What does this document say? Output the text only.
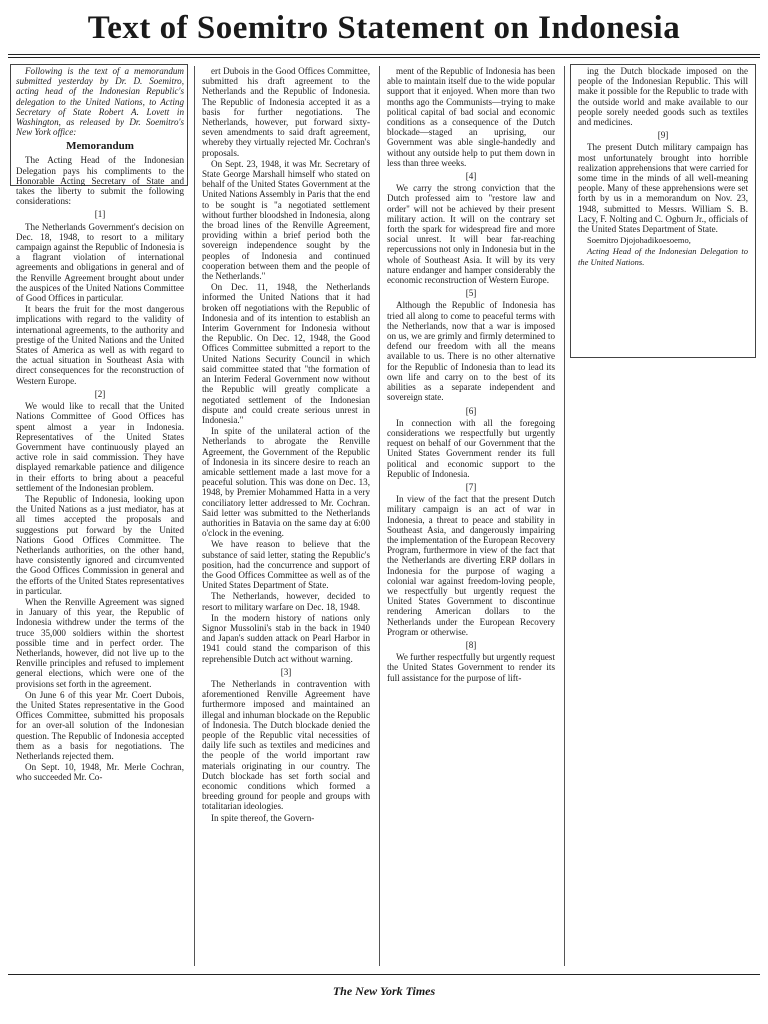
Text of Soemitro Statement on Indonesia

Following is the text of a memorandum submitted yesterday by Dr. D. Soemitro, acting head of the Indonesian Republic's delegation to the United Nations, to Acting Secretary of State Robert A. Lovett in Washington, as released by Dr. Soemitro's New York office:

Memorandum

The Acting Head of the Indonesian Delegation pays his compliments to the Honorable Acting Secretary of State and takes the liberty to submit the following considerations:

[1]

The Netherlands Government's decision on Dec. 18, 1948, to resort to a military campaign against the Republic of Indonesia is a flagrant violation of international agreements and obligations in general and of the Renville Agreement brought about under the auspices of the United Nations Committee of Good Offices in particular.

It bears the fruit for the most dangerous implications with regard to the validity of international agreements, to the authority and prestige of the United Nations and the United States of America as well as with regard to the actual situation in Southeast Asia with direct consequences for the reconstruction of Western Europe.

[2]

We would like to recall that the United Nations Committee of Good Offices has spent almost a year in Indonesia. Representatives of the United States Government have continuously played an active role in said commission. They have displayed remarkable patience and diligence in their efforts to bring about a peaceful settlement of the Indonesian problem.

The Republic of Indonesia, looking upon the United Nations as a just mediator, has at all times accepted the proposals and suggestions put forward by the United Nations Good Offices Committee. The Netherlands authorities, on the other hand, have consistently ignored and circumvented the Good Offices Commission in general and the efforts of the United States representatives in particular.

When the Renville Agreement was signed in January of this year, the Republic of Indonesia withdrew under the terms of the truce 35,000 soldiers within the shortest possible time and in perfect order. The Netherlands, however, did not live up to the Renville principles and refused to implement general elections, which were one of the provisions set forth in the agreement.

On June 6 of this year Mr. Coert Dubois, the United States representative in the Good Offices Committee, submitted his proposals for an over-all solution of the Indonesian question. The Republic of Indonesia accepted them as a basis for negotiations. The Netherlands rejected them.

On Sept. 10, 1948, Mr. Merle Cochran, who succeeded Mr. Co-

ert Dubois in the Good Offices Committee, submitted his draft agreement to the Netherlands and the Republic of Indonesia. The Republic of Indonesia accepted it as a basis for further negotiations. The Netherlands, however, put forward sixty-seven amendments to said draft agreement, whereby they virtually rejected Mr. Cochran's proposals.

On Sept. 23, 1948, it was Mr. Secretary of State George Marshall himself who stated on behalf of the United States Government at the United Nations Assembly in Paris that the end to be sought is "a negotiated settlement without further bloodshed in Indonesia, along the broad lines of the Renville Agreement, providing within a brief period both the sovereign independence sought by the peoples of Indonesia and continued cooperation between them and the people of the Netherlands."

On Dec. 11, 1948, the Netherlands informed the United Nations that it had broken off negotiations with the Republic of Indonesia and of its intention to establish an Interim Government for Indonesia without the Republic. On Dec. 12, 1948, the Good Offices Committee submitted a report to the United Nations Security Council in which said committee stated that "the formation of an Interim Federal Government now without the Republic will greatly complicate a negotiated settlement of the Indonesian dispute and could create serious unrest in Indonesia."

In spite of the unilateral action of the Netherlands to abrogate the Renville Agreement, the Government of the Republic of Indonesia in its sincere desire to reach an amicable settlement made a last move for a peaceful solution. This was done on Dec. 13, 1948, by Premier Mohammed Hatta in a very conciliatory letter addressed to Mr. Cochran. Said letter was submitted to the Netherlands authorities in Batavia on the same day at 6:00 o'clock in the evening.

We have reason to believe that the substance of said letter, stating the Republic's position, had the concurrence and support of the Good Offices Committee as well as of the United States Department of State.

The Netherlands, however, decided to resort to military warfare on Dec. 18, 1948.

In the modern history of nations only Signor Mussolini's stab in the back in 1940 and Japan's sudden attack on Pearl Harbor in 1941 could stand the comparison of this reprehensible Dutch act without warning.

[3]

The Netherlands in contravention with aforementioned Renville Agreement have furthermore imposed and maintained an illegal and inhuman blockade on the Republic of Indonesia. The Dutch blockade denied the people of the Republic vital necessities of daily life such as textiles and medicines and the people of the world important raw materials originating in our country. The Dutch blockade has set forth social and economic conditions which formed a breeding ground for people and groups with totalitarian ideologies.

In spite thereof, the Govern-

ment of the Republic of Indonesia has been able to maintain itself due to the wide popular support that it enjoyed. When more than two months ago the Communists—trying to make political capital of bad social and economic conditions as a consequence of the Dutch blockade—staged an uprising, our Government was able single-handedly and without any outside help to put them down in less than three weeks.

[4]

We carry the strong conviction that the Dutch professed aim to "restore law and order" will not be achieved by their present military action. It will on the contrary set forth the spark for widespread fire and more social unrest. It will bear far-reaching repercussions not only in Indonesia but in the whole of Southeast Asia. It will by its very nature endanger and hamper considerably the economic reconstruction of Western Europe.

[5]

Although the Republic of Indonesia has tried all along to come to peaceful terms with the Netherlands, now that a war is imposed on us, we are grimly and firmly determined to defend our freedom with all the means available to us. There is no other alternative for the Republic of Indonesia than to lead its own life and carry on to the best of its abilities as a separate independent and sovereign state.

[6]

In connection with all the foregoing considerations we respectfully but urgently request on behalf of our Government that the United States Government render its full political and economic support to the Republic of Indonesia.

[7]

In view of the fact that the present Dutch military campaign is an act of war in Indonesia, a threat to peace and stability in Southeast Asia, and dangerously impairing the implementation of the European Recovery Program, furthermore in view of the fact that the Netherlands are diverting ERP dollars in Indonesia for the purpose of waging a colonial war against freedom-loving people, we respectfully but urgently request the United States Government to discontinue rendering American dollars to the Netherlands under the European Recovery Program or otherwise.

[8]

We further respectfully but urgently request the United States Government to render its full assistance for the purpose of lift-

ing the Dutch blockade imposed on the people of the Indonesian Republic. This will make it possible for the Republic to trade with the outside world and make available to our people sorely needed goods such as textiles and medicines.

[9]

The present Dutch military campaign has most unfortunately brought into horrible realization apprehensions that were carried for some time in the minds of all well-meaning people. Many of these apprehensions were set forth by us in a memorandum on Nov. 23, 1948, submitted to Messrs. William S. B. Lacy, F. Nolting and C. Ogburn Jr., officials of the United States Department of State.

Soemitro Djojohadikoesoemo,

Acting Head of the Indonesian Delegation to the United Nations.

The New York Times
